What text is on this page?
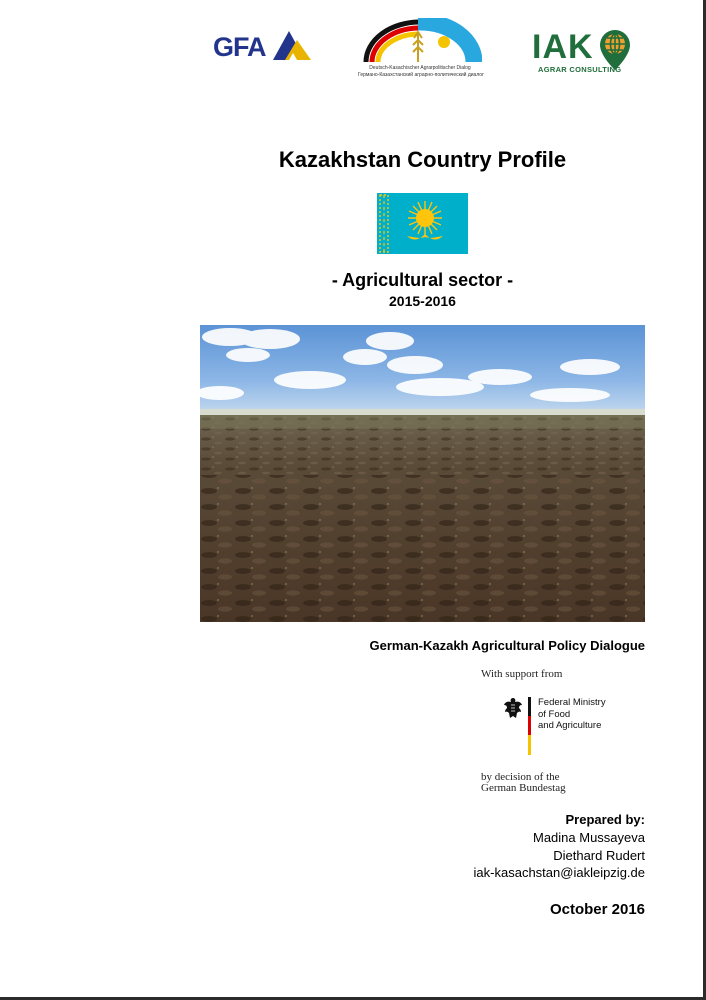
GFA
Deutsch-Kasachischer Agrarpolitischer Dialog
Германо-Казахстанский аграрно-политический диалог
IAK
AGRAR CONSULTING
Kazakhstan Country Profile
- Agricultural sector -
2015-2016
German-Kazakh Agricultural Policy Dialogue
With support from
Federal Ministry
of Food
and Agriculture
by decision of the
German Bundestag
Prepared by:
Madina Mussayeva
Diethard Rudert
iak-kasachstan@iakleipzig.de
October 2016
